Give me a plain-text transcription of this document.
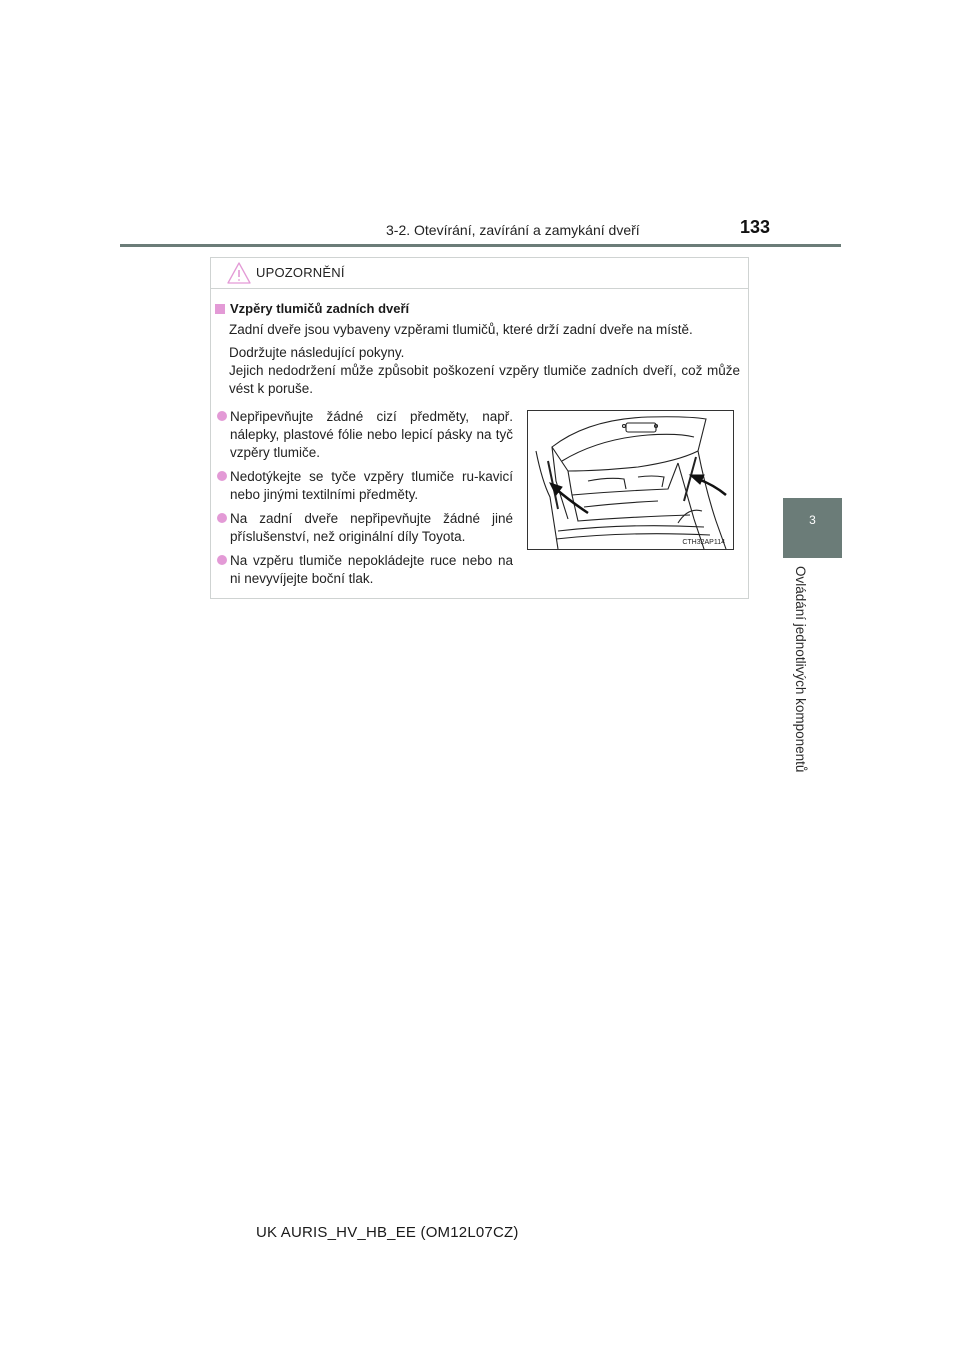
3-2. Otevírání, zavírání a zamykání dveří	133
3
Ovládání jednotlivých komponentů
UPOZORNĚNÍ
Vzpěry tlumičů zadních dveří
Zadní dveře jsou vybaveny vzpěrami tlumičů, které drží zadní dveře na místě.
Dodržujte následující pokyny.
Jejich nedodržení může způsobit poškození vzpěry tlumiče zadních dveří, což může vést k poruše.
Nepřipevňujte žádné cizí předměty, např. nálepky, plastové fólie nebo lepicí pásky na tyč vzpěry tlumiče.
Nedotýkejte se tyče vzpěry tlumiče ru-kavicí nebo jinými textilními předměty.
Na zadní dveře nepřipevňujte žádné jiné příslušenství, než originální díly Toyota.
Na vzpěru tlumiče nepokládejte ruce nebo na ni nevyvíjejte boční tlak.
CTH32AP114
UK AURIS_HV_HB_EE (OM12L07CZ)
